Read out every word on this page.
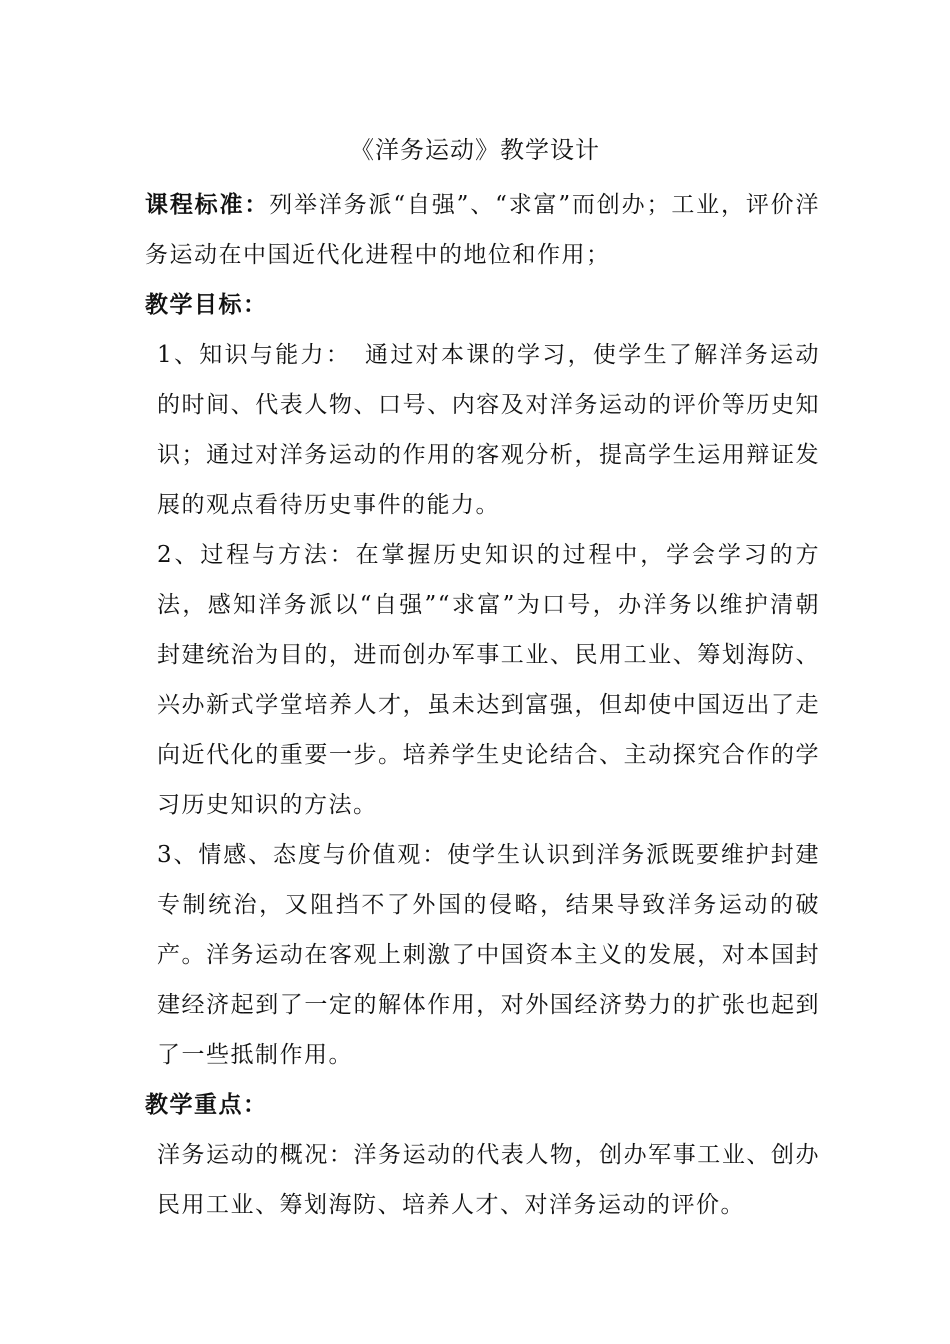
《洋务运动》教学设计

课程标准：列举洋务派“自强”、“求富”而创办；工业，评价洋务运动在中国近代化进程中的地位和作用；

教学目标：

1、知识与能力：　通过对本课的学习，使学生了解洋务运动的时间、代表人物、口号、内容及对洋务运动的评价等历史知识；通过对洋务运动的作用的客观分析，提高学生运用辩证发展的观点看待历史事件的能力。

2、过程与方法：在掌握历史知识的过程中，学会学习的方法，感知洋务派以“自强”“求富”为口号，办洋务以维护清朝封建统治为目的，进而创办军事工业、民用工业、筹划海防、兴办新式学堂培养人才，虽未达到富强，但却使中国迈出了走向近代化的重要一步。培养学生史论结合、主动探究合作的学习历史知识的方法。

3、情感、态度与价值观：使学生认识到洋务派既要维护封建专制统治，又阻挡不了外国的侵略，结果导致洋务运动的破产。洋务运动在客观上刺激了中国资本主义的发展，对本国封建经济起到了一定的解体作用，对外国经济势力的扩张也起到了一些抵制作用。

教学重点：

洋务运动的概况：洋务运动的代表人物，创办军事工业、创办民用工业、筹划海防、培养人才、对洋务运动的评价。
